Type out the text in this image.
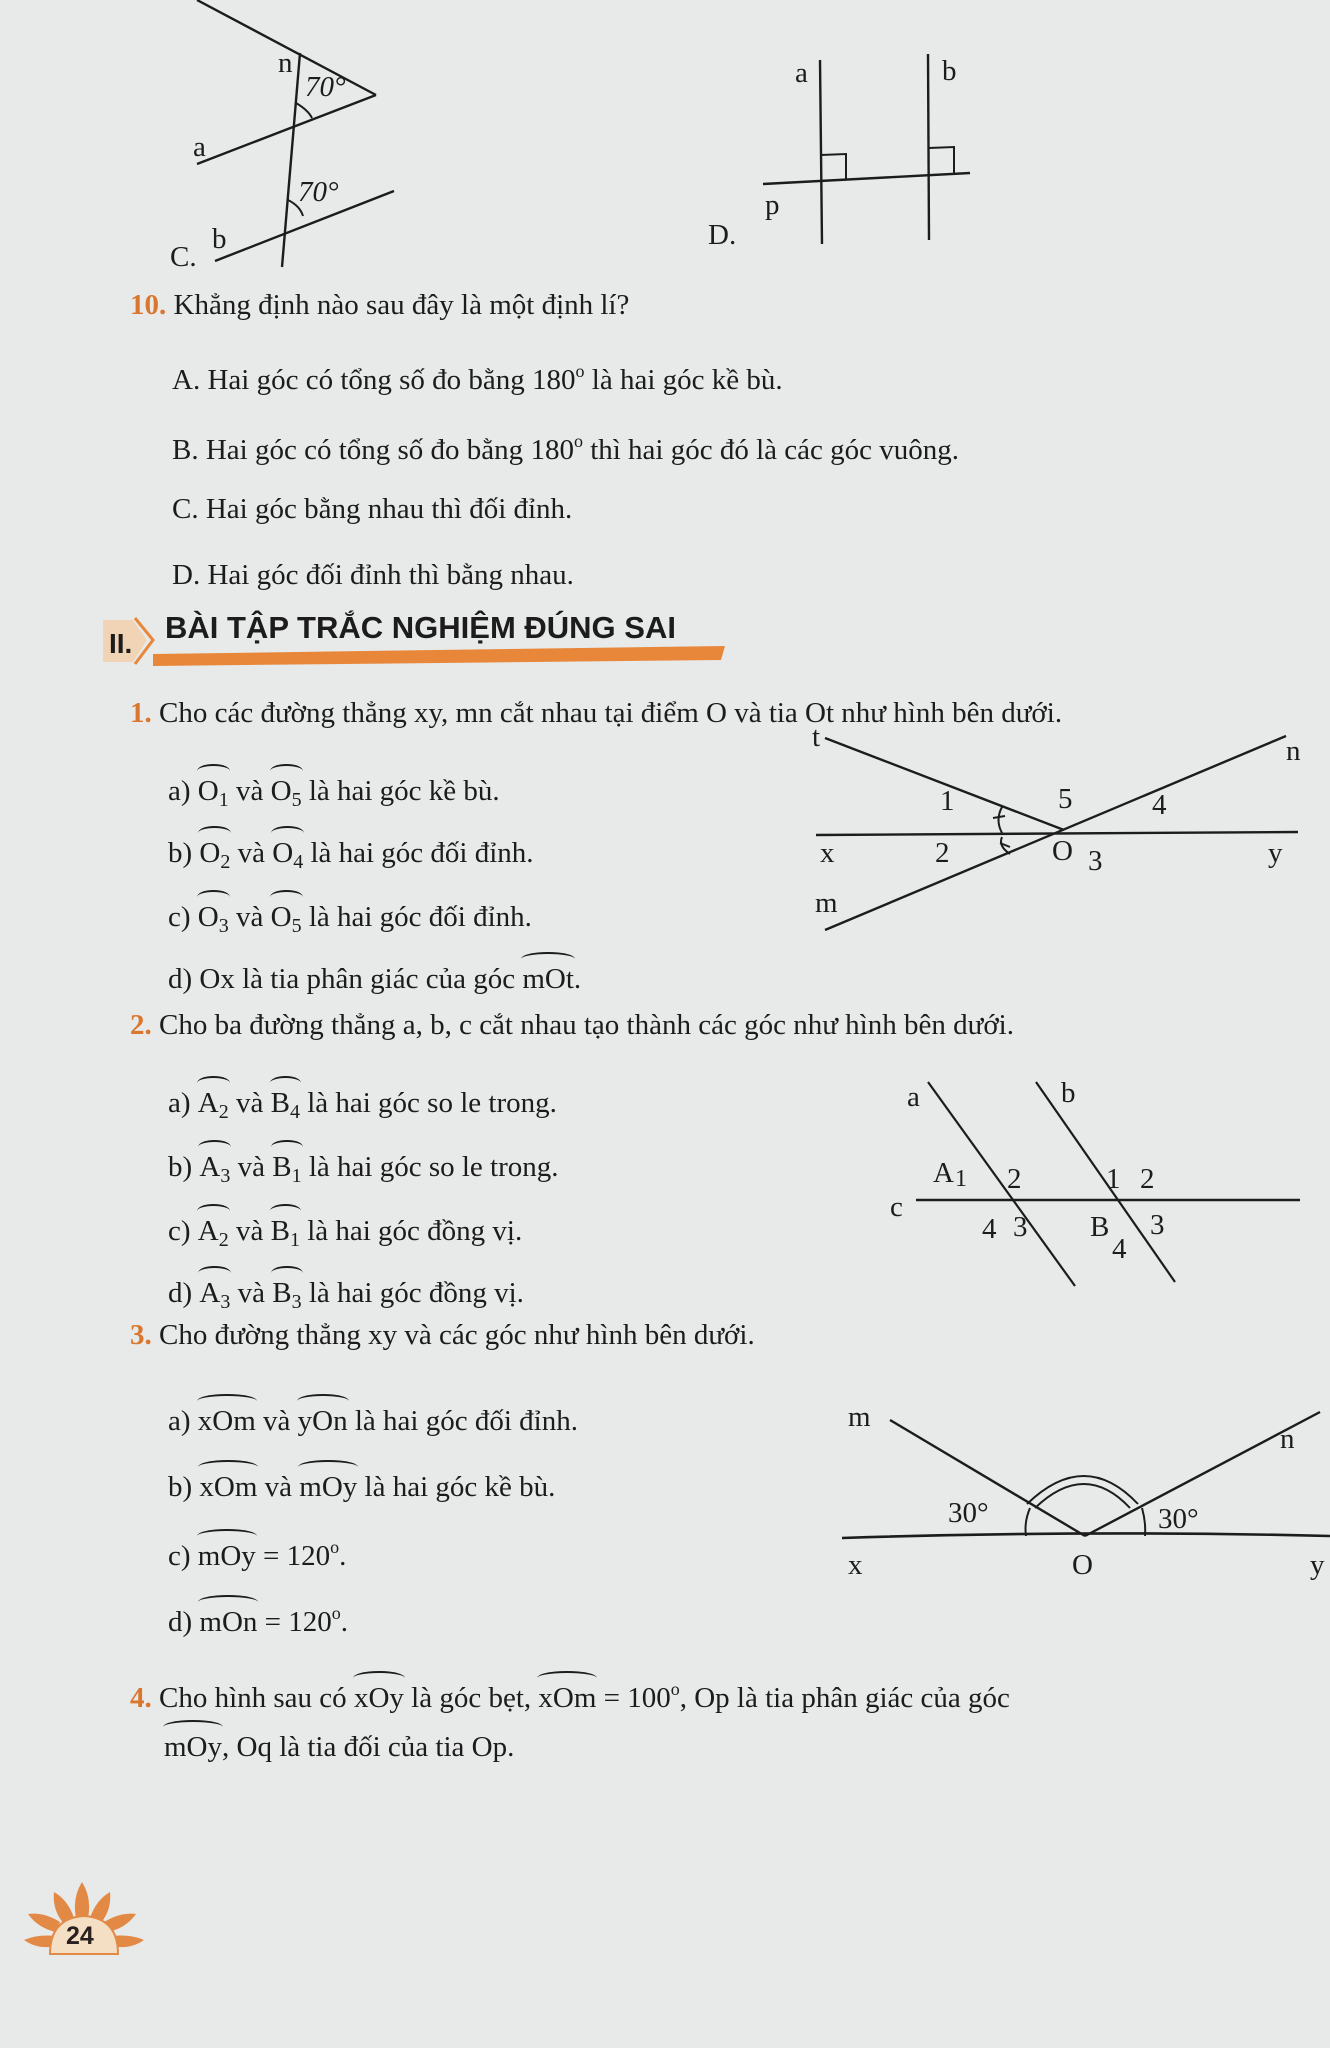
C.
a
b
n
70°
70°
D.
a	b
p
10. Khẳng định nào sau đây là một định lí?
A. Hai góc có tổng số đo bằng 180$^o$ là hai góc kề bù.
B. Hai góc có tổng số đo bằng 180$^o$ thì hai góc đó là các góc vuông.
C. Hai góc bằng nhau thì đối đỉnh.
D. Hai góc đối đỉnh thì bằng nhau.
II. BÀI TẬP TRẮC NGHIỆM ĐÚNG SAI
1. Cho các đường thẳng xy, mn cắt nhau tại điểm O và tia Ot như hình bên dưới.
a) $O_1$ và $O_5$ là hai góc kề bù.
b) $O_2$ và $O_4$ là hai góc đối đỉnh.
c) $O_3$ và $O_5$ là hai góc đối đỉnh.
d) Ox là tia phân giác của góc mOt.
t	n
x	y
m
O
1
2	3
4
5
2. Cho ba đường thẳng a, b, c cắt nhau tạo thành các góc như hình bên dưới.
a) $A_2$ và $B_4$ là hai góc so le trong.
b) $A_3$ và $B_1$ là hai góc so le trong.
c) $A_2$ và $B_1$ là hai góc đồng vị.
d) $A_3$ và $B_3$ là hai góc đồng vị.
a	b
c
A 1 2
3
4
1 2
B 3
4
3. Cho đường thẳng xy và các góc như hình bên dưới.
a) xOm và yOn là hai góc đối đỉnh.
b) xOm và mOy là hai góc kề bù.
c) mOy = $120^o$.
d) mOn = $120^o$.
m
n
x	y
O
30°	30°
4. Cho hình sau có xOy là góc bẹt, xOm = $100^o$, Op là tia phân giác của góc
mOy, Oq là tia đối của tia Op.
24
